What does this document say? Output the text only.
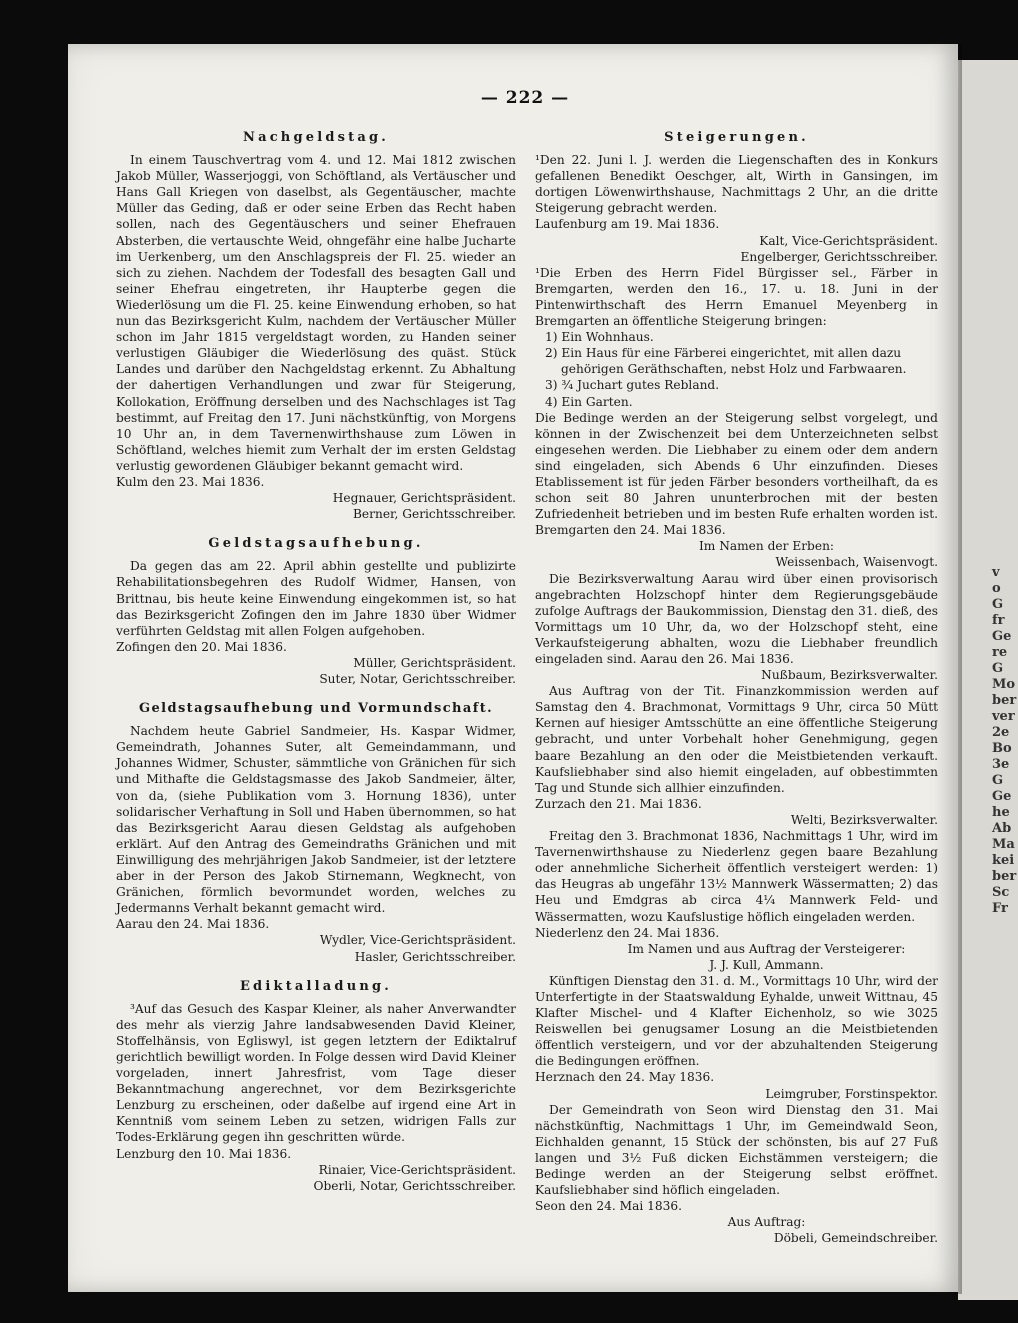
v
o
G
fr
Ge
re
G
Mo
ber
ver
2e
Bo
3e
G
Ge
he
Ab
Ma
kei
ber
Sc
Fr
— 222 —
Nachgeldstag.
In einem Tauschvertrag vom 4. und 12. Mai 1812 zwischen Jakob Müller, Wasserjoggi, von Schöftland, als Vertäuscher und Hans Gall Kriegen von daselbst, als Gegentäuscher, machte Müller das Geding, daß er oder seine Erben das Recht haben sollen, nach des Gegentäuschers und seiner Ehefrauen Absterben, die vertauschte Weid, ohngefähr eine halbe Jucharte im Uerkenberg, um den Anschlagspreis der Fl. 25. wieder an sich zu ziehen. Nachdem der Todesfall des besagten Gall und seiner Ehefrau eingetreten, ihr Haupterbe gegen die Wiederlösung um die Fl. 25. keine Einwendung erhoben, so hat nun das Bezirksgericht Kulm, nachdem der Vertäuscher Müller schon im Jahr 1815 vergeldstagt worden, zu Handen seiner verlustigen Gläubiger die Wiederlösung des quäst. Stück Landes und darüber den Nachgeldstag erkennt. Zu Abhaltung der dahertigen Verhandlungen und zwar für Steigerung, Kollokation, Eröffnung derselben und des Nachschlages ist Tag bestimmt, auf Freitag den 17. Juni nächstkünftig, von Morgens 10 Uhr an, in dem Tavernenwirthshause zum Löwen in Schöftland, welches hiemit zum Verhalt der im ersten Geldstag verlustig gewordenen Gläubiger bekannt gemacht wird.
Kulm den 23. Mai 1836.
Hegnauer, Gerichtspräsident.
Berner, Gerichtsschreiber.
Geldstagsaufhebung.
Da gegen das am 22. April abhin gestellte und publizirte Rehabilitationsbegehren des Rudolf Widmer, Hansen, von Brittnau, bis heute keine Einwendung eingekommen ist, so hat das Bezirksgericht Zofingen den im Jahre 1830 über Widmer verführten Geldstag mit allen Folgen aufgehoben.
Zofingen den 20. Mai 1836.
Müller, Gerichtspräsident.
Suter, Notar, Gerichtsschreiber.
Geldstagsaufhebung und Vormundschaft.
Nachdem heute Gabriel Sandmeier, Hs. Kaspar Widmer, Gemeindrath, Johannes Suter, alt Gemeindammann, und Johannes Widmer, Schuster, sämmtliche von Gränichen für sich und Mithafte die Geldstagsmasse des Jakob Sandmeier, älter, von da, (siehe Publikation vom 3. Hornung 1836), unter solidarischer Verhaftung in Soll und Haben übernommen, so hat das Bezirksgericht Aarau diesen Geldstag als aufgehoben erklärt. Auf den Antrag des Gemeindraths Gränichen und mit Einwilligung des mehrjährigen Jakob Sandmeier, ist der letztere aber in der Person des Jakob Stirnemann, Wegknecht, von Gränichen, förmlich bevormundet worden, welches zu Jedermanns Verhalt bekannt gemacht wird.
Aarau den 24. Mai 1836.
Wydler, Vice-Gerichtspräsident.
Hasler, Gerichtsschreiber.
Ediktalladung.
³Auf das Gesuch des Kaspar Kleiner, als naher Anverwandter des mehr als vierzig Jahre landsabwesenden David Kleiner, Stoffelhänsis, von Egliswyl, ist gegen letztern der Ediktalruf gerichtlich bewilligt worden. In Folge dessen wird David Kleiner vorgeladen, innert Jahresfrist, vom Tage dieser Bekanntmachung angerechnet, vor dem Bezirksgerichte Lenzburg zu erscheinen, oder daßelbe auf irgend eine Art in Kenntniß vom seinem Leben zu setzen, widrigen Falls zur Todes-Erklärung gegen ihn geschritten würde.
Lenzburg den 10. Mai 1836.
Rinaier, Vice-Gerichtspräsident.
Oberli, Notar, Gerichtsschreiber.
Steigerungen.
¹Den 22. Juni l. J. werden die Liegenschaften des in Konkurs gefallenen Benedikt Oeschger, alt, Wirth in Gansingen, im dortigen Löwenwirthshause, Nachmittags 2 Uhr, an die dritte Steigerung gebracht werden.
Laufenburg am 19. Mai 1836.
Kalt, Vice-Gerichtspräsident.
Engelberger, Gerichtsschreiber.
¹Die Erben des Herrn Fidel Bürgisser sel., Färber in Bremgarten, werden den 16., 17. u. 18. Juni in der Pintenwirthschaft des Herrn Emanuel Meyenberg in Bremgarten an öffentliche Steigerung bringen:
1) Ein Wohnhaus.
2) Ein Haus für eine Färberei eingerichtet, mit allen dazu gehörigen Geräthschaften, nebst Holz und Farbwaaren.
3) ¾ Juchart gutes Rebland.
4) Ein Garten.
Die Bedinge werden an der Steigerung selbst vorgelegt, und können in der Zwischenzeit bei dem Unterzeichneten selbst eingesehen werden. Die Liebhaber zu einem oder dem andern sind eingeladen, sich Abends 6 Uhr einzufinden. Dieses Etablissement ist für jeden Färber besonders vortheilhaft, da es schon seit 80 Jahren ununterbrochen mit der besten Zufriedenheit betrieben und im besten Rufe erhalten worden ist. Bremgarten den 24. Mai 1836.
Im Namen der Erben:
Weissenbach, Waisenvogt.
Die Bezirksverwaltung Aarau wird über einen provisorisch angebrachten Holzschopf hinter dem Regierungsgebäude zufolge Auftrags der Baukommission, Dienstag den 31. dieß, des Vormittags um 10 Uhr, da, wo der Holzschopf steht, eine Verkaufsteigerung abhalten, wozu die Liebhaber freundlich eingeladen sind. Aarau den 26. Mai 1836.
Nußbaum, Bezirksverwalter.
Aus Auftrag von der Tit. Finanzkommission werden auf Samstag den 4. Brachmonat, Vormittags 9 Uhr, circa 50 Mütt Kernen auf hiesiger Amtsschütte an eine öffentliche Steigerung gebracht, und unter Vorbehalt hoher Genehmigung, gegen baare Bezahlung an den oder die Meistbietenden verkauft. Kaufsliebhaber sind also hiemit eingeladen, auf obbestimmten Tag und Stunde sich allhier einzufinden.
Zurzach den 21. Mai 1836.
Welti, Bezirksverwalter.
Freitag den 3. Brachmonat 1836, Nachmittags 1 Uhr, wird im Tavernenwirthshause zu Niederlenz gegen baare Bezahlung oder annehmliche Sicherheit öffentlich versteigert werden: 1) das Heugras ab ungefähr 13½ Mannwerk Wässermatten; 2) das Heu und Emdgras ab circa 4¼ Mannwerk Feld- und Wässermatten, wozu Kaufslustige höflich eingeladen werden.
Niederlenz den 24. Mai 1836.
Im Namen und aus Auftrag der Versteigerer:
J. J. Kull, Ammann.
Künftigen Dienstag den 31. d. M., Vormittags 10 Uhr, wird der Unterfertigte in der Staatswaldung Eyhalde, unweit Wittnau, 45 Klafter Mischel- und 4 Klafter Eichenholz, so wie 3025 Reiswellen bei genugsamer Losung an die Meistbietenden öffentlich versteigern, und vor der abzuhaltenden Steigerung die Bedingungen eröffnen.
Herznach den 24. May 1836.
Leimgruber, Forstinspektor.
Der Gemeindrath von Seon wird Dienstag den 31. Mai nächstkünftig, Nachmittags 1 Uhr, im Gemeindwald Seon, Eichhalden genannt, 15 Stück der schönsten, bis auf 27 Fuß langen und 3½ Fuß dicken Eichstämmen versteigern; die Bedinge werden an der Steigerung selbst eröffnet. Kaufsliebhaber sind höflich eingeladen.
Seon den 24. Mai 1836.
Aus Auftrag:
Döbeli, Gemeindschreiber.
